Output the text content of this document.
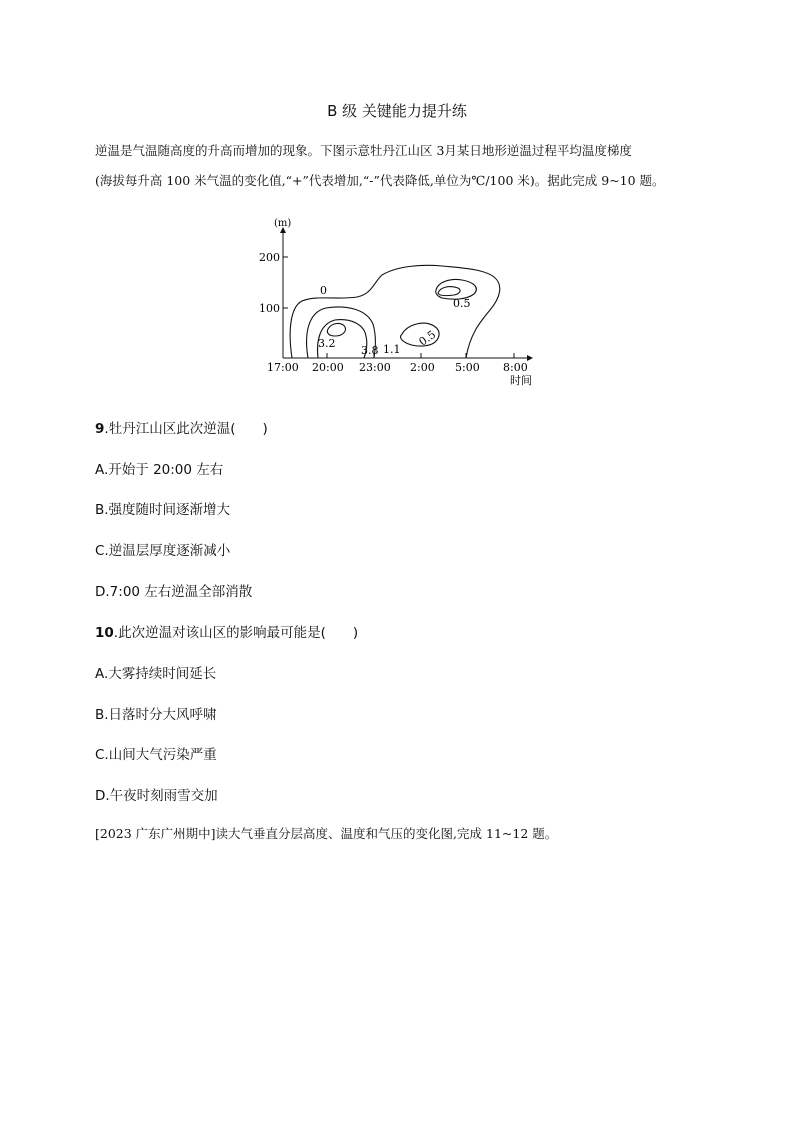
B 级 关键能力提升练

逆温是气温随高度的升高而增加的现象。下图示意牡丹江山区 3月某日地形逆温过程平均温度梯度

(海拔每升高 100 米气温的变化值,“+”代表增加,“-”代表降低,单位为℃/100 米)。据此完成 9~10 题。

(m)
200
100
17:00 20:00 23:00 2:00 5:00 8:00
时间
0
3.2
3.8 1.1
0.5
0.5
9.牡丹江山区此次逆温(　　)
A.开始于 20:00 左右
B.强度随时间逐渐增大
C.逆温层厚度逐渐减小
D.7:00 左右逆温全部消散
10.此次逆温对该山区的影响最可能是(　　)
A.大雾持续时间延长
B.日落时分大风呼啸
C.山间大气污染严重
D.午夜时刻雨雪交加
[2023 广东广州期中]读大气垂直分层高度、温度和气压的变化图,完成 11~12 题。
